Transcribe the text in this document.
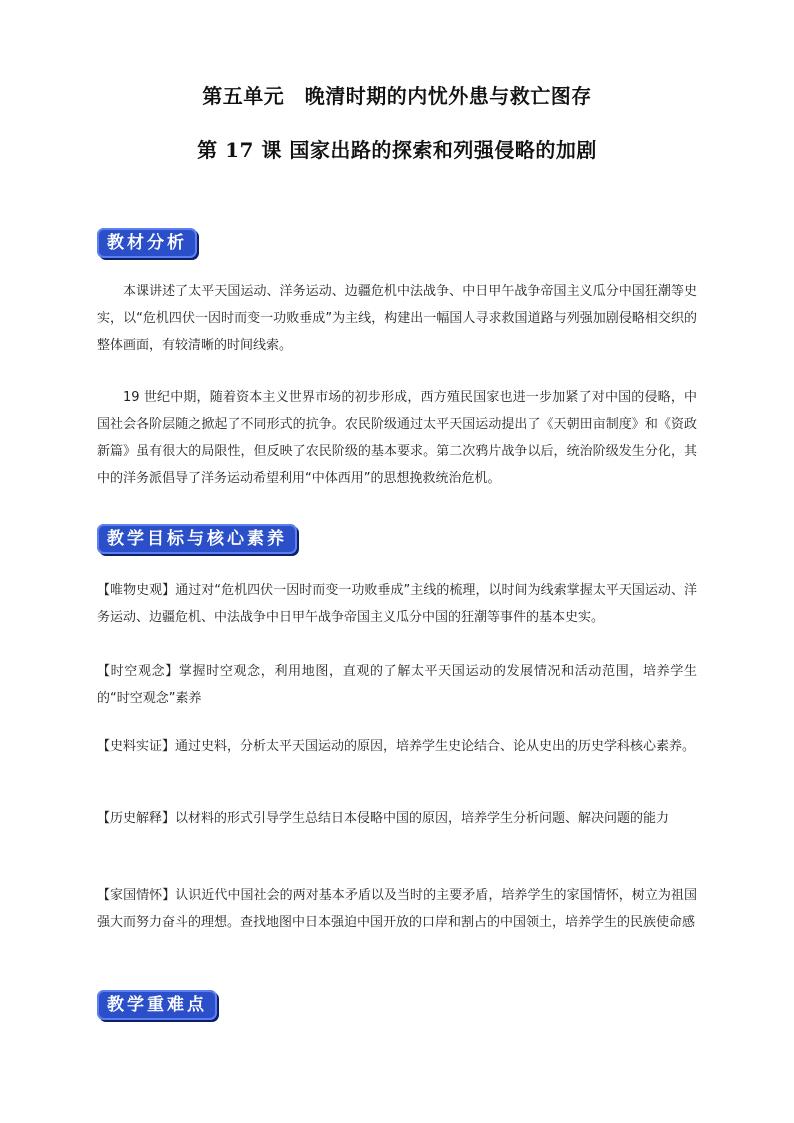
第五单元　晚清时期的内忧外患与救亡图存
第 17 课 国家出路的探索和列强侵略的加剧
教材分析

本课讲述了太平天国运动、洋务运动、边疆危机中法战争、中日甲午战争帝国主义瓜分中国狂潮等史实，以“危机四伏一因时而变一功败垂成”为主线，构建出一幅国人寻求救国道路与列强加剧侵略相交织的整体画面，有较清晰的时间线索。

19 世纪中期，随着资本主义世界市场的初步形成，西方殖民国家也进一步加紧了对中国的侵略，中国社会各阶层随之掀起了不同形式的抗争。农民阶级通过太平天国运动提出了《天朝田亩制度》和《资政新篇》虽有很大的局限性，但反映了农民阶级的基本要求。第二次鸦片战争以后，统治阶级发生分化，其中的洋务派倡导了洋务运动希望利用“中体西用”的思想挽救统治危机。

教学目标与核心素养

【唯物史观】通过对“危机四伏一因时而变一功败垂成”主线的梳理，以时间为线索掌握太平天国运动、洋务运动、边疆危机、中法战争中日甲午战争帝国主义瓜分中国的狂潮等事件的基本史实。

【时空观念】掌握时空观念，利用地图，直观的了解太平天国运动的发展情况和活动范围，培养学生的“时空观念”素养

【史料实证】通过史料，分析太平天国运动的原因，培养学生史论结合、论从史出的历史学科核心素养。

【历史解释】以材料的形式引导学生总结日本侵略中国的原因，培养学生分析问题、解决问题的能力

【家国情怀】认识近代中国社会的两对基本矛盾以及当时的主要矛盾，培养学生的家国情怀，树立为祖国强大而努力奋斗的理想。查找地图中日本强迫中国开放的口岸和割占的中国领土，培养学生的民族使命感

教学重难点
